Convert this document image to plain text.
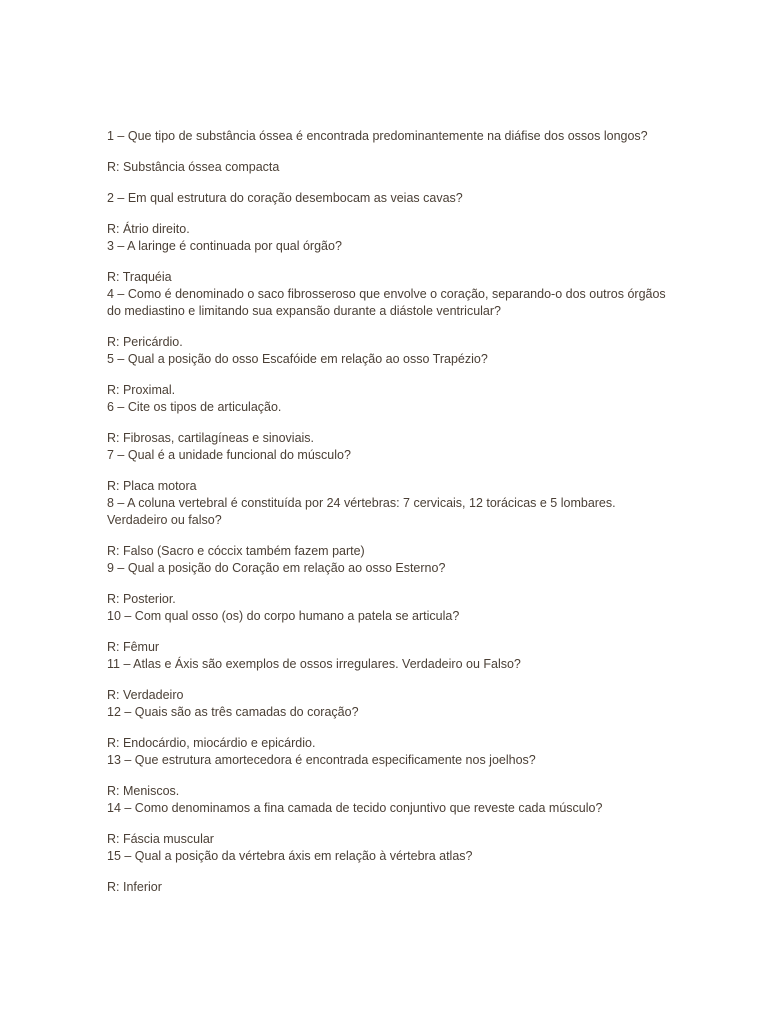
1 – Que tipo de substância óssea é encontrada predominantemente na diáfise dos ossos longos?

R: Substância óssea compacta

2 – Em qual estrutura do coração desembocam as veias cavas?

R: Átrio direito.

3 – A laringe é continuada por qual órgão?

R: Traquéia

4 – Como é denominado o saco fibrosseroso que envolve o coração, separando-o dos outros órgãos do mediastino e limitando sua expansão durante a diástole ventricular?

R: Pericárdio.

5 – Qual a posição do osso Escafóide em relação ao osso Trapézio?

R: Proximal.

6 – Cite os tipos de articulação.

R: Fibrosas, cartilagíneas e sinoviais.

7 – Qual é a unidade funcional do músculo?

R: Placa motora

8 – A coluna vertebral é constituída por 24 vértebras: 7 cervicais, 12 torácicas e 5 lombares. Verdadeiro ou falso?

R: Falso (Sacro e cóccix também fazem parte)

9 – Qual a posição do Coração em relação ao osso Esterno?

R: Posterior.

10 – Com qual osso (os) do corpo humano a patela se articula?

R: Fêmur

11 – Atlas e Áxis são exemplos de ossos irregulares. Verdadeiro ou Falso?

R: Verdadeiro

12 – Quais são as três camadas do coração?

R: Endocárdio, miocárdio e epicárdio.

13 – Que estrutura amortecedora é encontrada especificamente nos joelhos?

R: Meniscos.

14 – Como denominamos a fina camada de tecido conjuntivo que reveste cada músculo?

R: Fáscia muscular

15 – Qual a posição da vértebra áxis em relação à vértebra atlas?

R: Inferior
